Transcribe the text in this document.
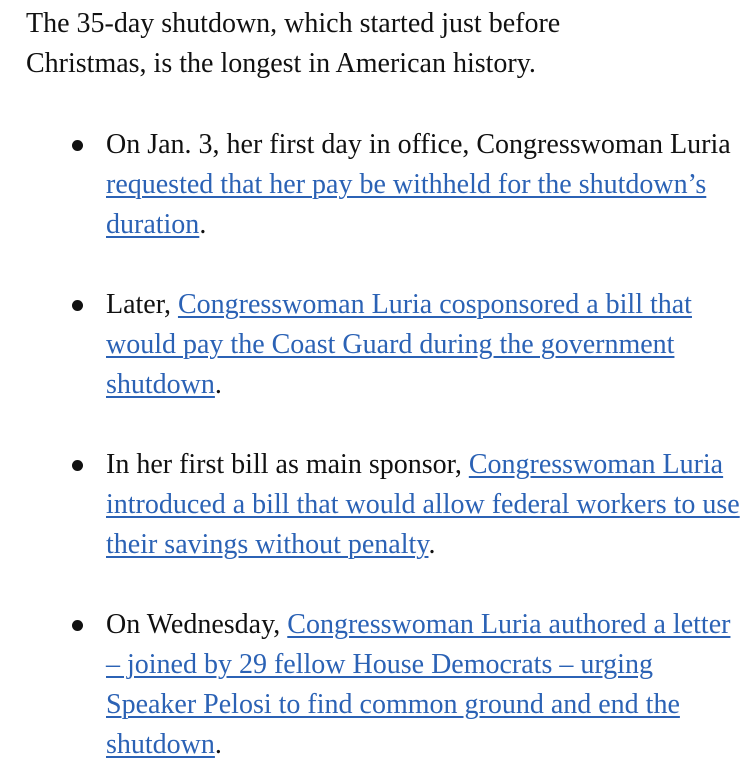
The 35-day shutdown, which started just before Christmas, is the longest in American history.

On Jan. 3, her first day in office, Congresswoman Luria requested that her pay be withheld for the shutdown’s duration.
Later, Congresswoman Luria cosponsored a bill that would pay the Coast Guard during the government shutdown.
In her first bill as main sponsor, Congresswoman Luria introduced a bill that would allow federal workers to use their savings without penalty.
On Wednesday, Congresswoman Luria authored a letter – joined by 29 fellow House Democrats – urging Speaker Pelosi to find common ground and end the shutdown.
